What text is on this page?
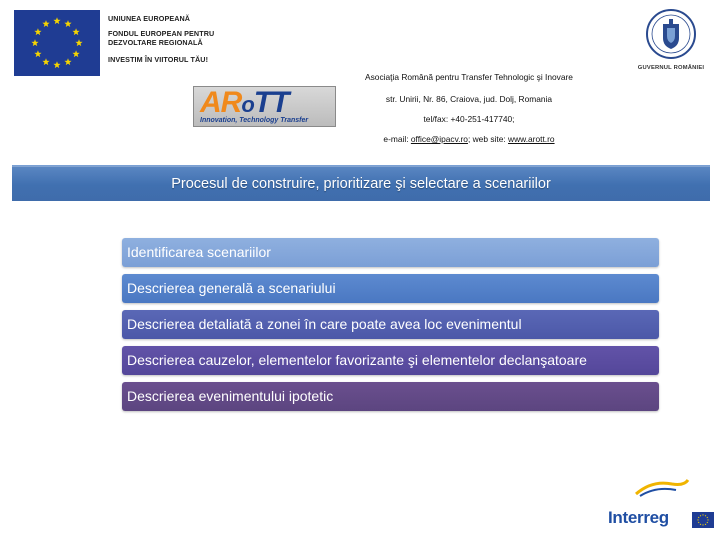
UNIUNEA EUROPEANĂ
FONDUL EUROPEAN PENTRU
DEZVOLTARE REGIONALĂ
INVESTIM ÎN VIITORUL TĂU!
ARoTT
Innovation, Technology Transfer
Asociaţia Română pentru Transfer Tehnologic şi Inovare
str. Unirii, Nr. 86, Craiova, jud. Dolj, Romania
tel/fax: +40-251-417740;
e-mail: office@ipacv.ro; web site: www.arott.ro
GUVERNUL ROMÂNIEI
Procesul de construire, prioritizare şi selectare a scenariilor
Identificarea scenariilor
Descrierea generală a scenariului
Descrierea detaliată a zonei în care poate avea loc evenimentul
Descrierea cauzelor, elementelor favorizante şi elementelor declanşatoare
Descrierea evenimentului ipotetic
Interreg
